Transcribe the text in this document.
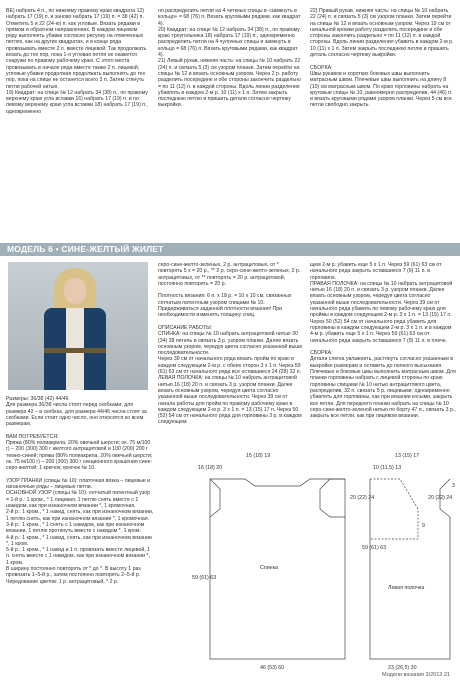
ВЕ) набрать 4 п., по нижнему правому краю квадрата 12) набрать 17 (19) п. и заново набрать 17 (19) п. = 38 (42) п. Отметить 5 и 22 (24-ю) п. как угловые. Вязать рядами в прямом и обратном направлениях. В каждом лицевом ряду выполнять убавки согласно рисунку на отмеченных петлях, как на других квадратах, и в конце ряда провязывать вместе 2 п. вместе лицевой. Так продолжать вязать до тех пор, пока 1-я угловая петля не окажется снаружи по правому рабочему краю. С этого места провязывать в начале ряда вместе также 2 п. лицевой, угловые убавки продолжая продолжать выполнять до тех пор, пока на спице не останется всего 3 п. Затем стянуть петли рабочей нитью.
19) Квадрат: на спице № 12 набрать 34 (38) п., по правому верхнему краю угла вставки 16) набрать 17 (19) п. и по левому верхнему краю угла вставки 18) набрать 17 (19) п., одновременно
но распределить петли на 4 четкных спицы в «замкнуть в кольцо» = 68 (76) п. Вязать круговыми рядами, как квадрат 4).
20) Квадрат: на спице № 12 набрать 34 (38) п., по правому краю треугольника 18) набрать 17 (19) п., одновременно распределить петли на 4 чулочных спицы и замкнуть в кольцо = 68 (76) п. Вязать круговыми рядами, как квадрат 4).
21) Левый рукав, нижняя часть: на спицы № 10 набрать 22 (24) п. и связать 5 (3) см узором планки. Затем перейти на спицы № 12 и вязать основным узором. Через 2 р. работу разделить посередине и обе стороны закончить раздельно = по 11 (12) п. в каждой стороны. Вдоль линии разделения убавлять в каждом 2-м р. 10 (11) х 1 п. Затем закрыть последнюю петлю и пришить детали согласно чертежу выкройки.
22) Правый рукав, нижняя часть: на спицы № 10 набрать 22 (24) п. и связать 5 (3) см узором планки. Затем перейти на спицы № 12 и вязать основным узором. Через 19 см от начальной кромки работу разделить посередине и обе стороны закончить раздельно = по 11 (12) п. в каждой стороны. Вдоль линии разделения убавить в каждом 2-м р. 10 (11) х 1 п. Затем закрыть последнюю петлю и пришить деталь согласно чертежу выкройки.

СБОРКА:
Швы рукавов и коротких боковых швы выполнить матрасным швом. Плечевые швы выполнить на длину 8 (10) см матрасным швом. По краю горловины набрать на круговые спицы № 10, равномерно распределив, 44 (46) п. и вязать круговыми рядами узором планки. Через 5 см все петли свободно закрыть.
МОДЕЛЬ 6 • СИНЕ-ЖЕЛТЫЙ ЖИЛЕТ
Размеры: 36/38 (42) 44/46
Для размера 36/38 числа стоят перед скобками, для размера 42 – в скобках, для размера 44/46 числа стоят за скобками. Если стоит одно число, оно относится ко всем размерам.

ВАМ ПОТРЕБУЕТСЯ:
Пряжа (80% полиакрила, 20% овечьей шерсти; ок. 75 м/100 г) – 200 (300) 300 г желтого антрацитовой и 100 (200) 200 г темно-синей; пряжа (80% полиакрила, 20% овечьей шерсти; ок. 75 м/100 г) – 200 (300) 300 г секционного крашения сине-серо-желтой; 1 крючок; крючок № 10.

УЗОР ПЛАНКИ (спицы № 10): платочная вязка – лицевые и изнаночные ряды – лицевые петли.
ОСНОВНОЙ УЗОР (спицы № 10): сетчатый патентный узор = 1-й р.: 1 кром., * 1 лицевая, 1 петлю снять вместе с 1 накидом, как при изнаночном вязании *, 1 кромочная.
2-й р.: 1 кром., * 1 накид, снять, как при изнаночном вязании, 1 петлю снять, как при изнаночном вязании *, 1 кромочная.
3-й р.: 1 кром., * 1 снять с 1 накидом, как при изнаночном вязании, 1 петлю протянуть вместе с накидом *, 1 кром.
4-й р.: 1 кром., * 1 накид, снять, как при изнаночном вязании *, 1 кром.
5-й р.: 1 кром., * 1 накид и 1 п. провязать вместе лицевой, 1 п. снять вместе с 1 накидом, как при изнаночном вязании *, 1 кром.
В ширину постоянно повторять от * до *. В высоту 1 раз провязать 1–5-й р., затем постоянно повторять 2–5-й р.
Чередование цветов: 1 р. антрацитовый, * 2 р.
серо-сине-желто-зеленых, 2 р. антрацитовых, от * повторять 5 х = 20 р., ** 2 р. серо-сине-желто-зеленых, 2 р. антрацитовых, от ** повторять = 20 р. антрацитовой, постоянно повторять = 20 р.

Плотность вязания: 6 п. х 18 р. = 10 х 10 см, связанных сетчатым патентным узором спицами № 10.
Придерживаться заданной плотности вязания! При необходимости изменить толщину спиц.

ОПИСАНИЕ РАБОТЫ:
СПИНКА: на спицы № 10 набрать антрацитовой нитью 30 (34) 38 петель и связать 3 р. узором планки. Далее вязать основным узором, чередуя цвета согласно указанной выше последовательности.
Через 39 см от начального ряда вязать пройм по краю в каждом следующем 2-м р. с обеих сторон 3 х 1 п. Через 59 (61) 63 см от начального ряда все оставшиеся 24 (28) 32 п.
ЛЕВАЯ ПОЛОЧКА: на спицы № 10 набрать антрацитовой нитью 16 (18) 20 п. и связать 3 р. узором планки. Далее вязать основным узором, чередуя цвета согласно указанной выше последовательности. Через 39 см от начала работы для пройм по правому рабочему краю в каждом следующем 2-м р. 3 х 1 п. = 13 (15) 17 п. Через 50 (52) 54 см от начального ряда для горловины 3 р. в каждом следующем
щем 2-м р. убавить еще 5 х 1 п. Через 59 (61) 63 см от начального ряда закрыть оставшиеся 7 (9) 11 п. в горловине.
ПРАВАЯ ПОЛОЧКА: на спицы № 10 набрать антрацитовой нитью 16 (18) 20 п. и связать 3 р. узором планки. Далее вязать основным узором, чередуя цвета согласно указанной выше последовательности. Через 39 см от начального ряда убавить по левому рабочему краю для проймы в каждом следующем 2-м р. 3 х 1 п. = 13 (15) 17 п. Через 50 (52) 54 см от начального ряда убавить для горловины в каждом следующем 2-м р. 3 х 1 п. и в каждом 4-м р. убавить еще 5 х 1 п. Через 59 (61) 63 см от начального ряда закрыть оставшиеся 7 (9) 11 п. в плече.

СБОРКА:
Детали слегка увлажнить, растянуть согласно указанным в выкройке размерам и оставить до полного высыхания. Плечевые и боковые швы выполнить матрасным швом. Для планки горловины набрать с лицевой стороны по краю горловины спицами № 10 нитью антрацитового цвета, распределив, 32 п. связать 5 р. лицевыми, одновременно убавлять для горловины, как при вязании косыми, закрыть все петли. Для переднего планки набрать на спицы № 10 серо-сине-желто-зеленой нитью по борту 47 п., связать 3 р., закрыть все петли, как при лицевом вязании.
Спинка
46 (53) 60
15 (18) 19
16 (18) 20
59 (61) 63
20 (22) 24
Левая полочка
23 (26,5) 30
13 (15) 17
10 (11,5) 13
9
59 (61) 63
20 (22) 24
3
Модели вязания 3/2013 21
